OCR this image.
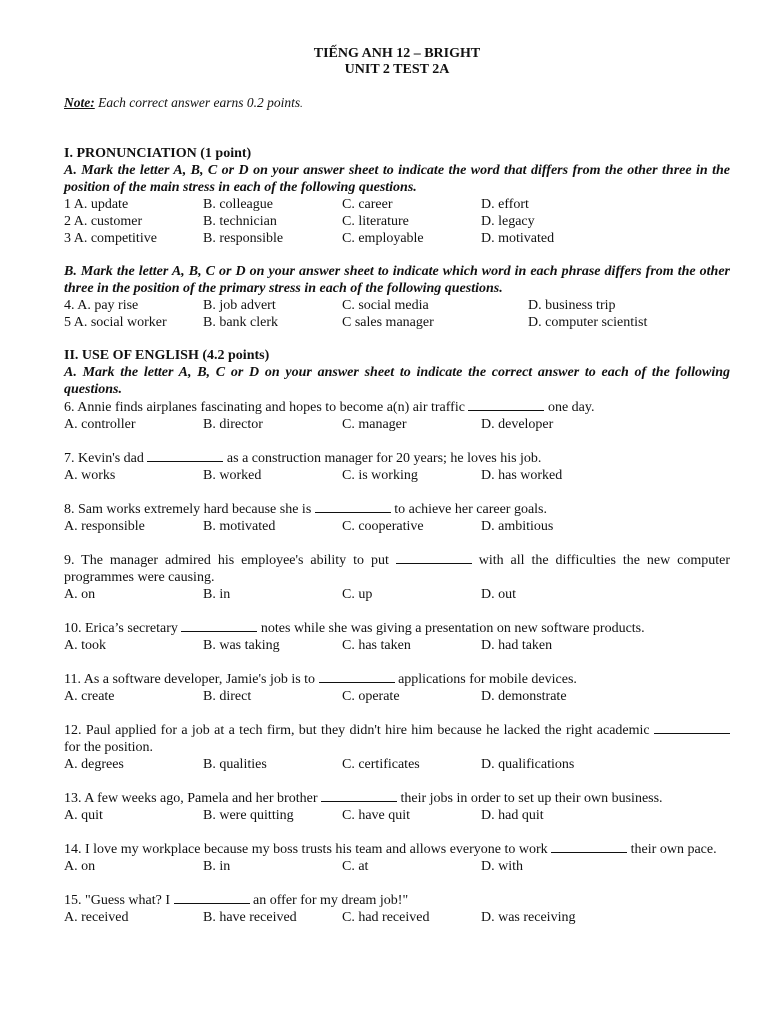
TIẾNG ANH 12 – BRIGHT
UNIT 2 TEST 2A
Note: Each correct answer earns 0.2 points.
I. PRONUNCIATION (1 point)
A. Mark the letter A, B, C or D on your answer sheet to indicate the word that differs from the other three in the position of the main stress in each of the following questions.
1 A. update	B. colleague	C. career	D. effort
2 A. customer	B. technician	C. literature	D. legacy
3 A. competitive	B. responsible	C. employable	D. motivated
B. Mark the letter A, B, C or D on your answer sheet to indicate which word in each phrase differs from the other three in the position of the primary stress in each of the following questions.
4. A. pay rise	B. job advert	C. social media	D. business trip
5 A. social worker	B. bank clerk	C sales manager	D. computer scientist
II. USE OF ENGLISH (4.2 points)
A. Mark the letter A, B, C or D on your answer sheet to indicate the correct answer to each of the following questions.
6. Annie finds airplanes fascinating and hopes to become a(n) air traffic	one day.
A. controller	B. director	C. manager	D. developer
7. Kevin's dad	as a construction manager for 20 years; he loves his job.
A. works	B. worked	C. is working	D. has worked
8. Sam works extremely hard because she is	to achieve her career goals.
A. responsible	B. motivated	C. cooperative	D. ambitious
9. The manager admired his employee's ability to put	with all the difficulties the new computer programmes were causing.
A. on	B. in	C. up	D. out
10. Erica’s secretary	notes while she was giving a presentation on new software products.
A. took	B. was taking	C. has taken	D. had taken
11. As a software developer, Jamie's job is to	applications for mobile devices.
A. create	B. direct	C. operate	D. demonstrate
12. Paul applied for a job at a tech firm, but they didn't hire him because he lacked the right academic  for the position.
A. degrees	B. qualities	C. certificates	D. qualifications
13. A few weeks ago, Pamela and her brother	their jobs in order to set up their own business.
A. quit	B. were quitting	C. have quit	D. had quit
14. I love my workplace because my boss trusts his team and allows everyone to work	their own pace.
A. on	B. in	C. at	D. with
15. "Guess what? I	an offer for my dream job!"
A. received	B. have received	C. had received	D. was receiving
